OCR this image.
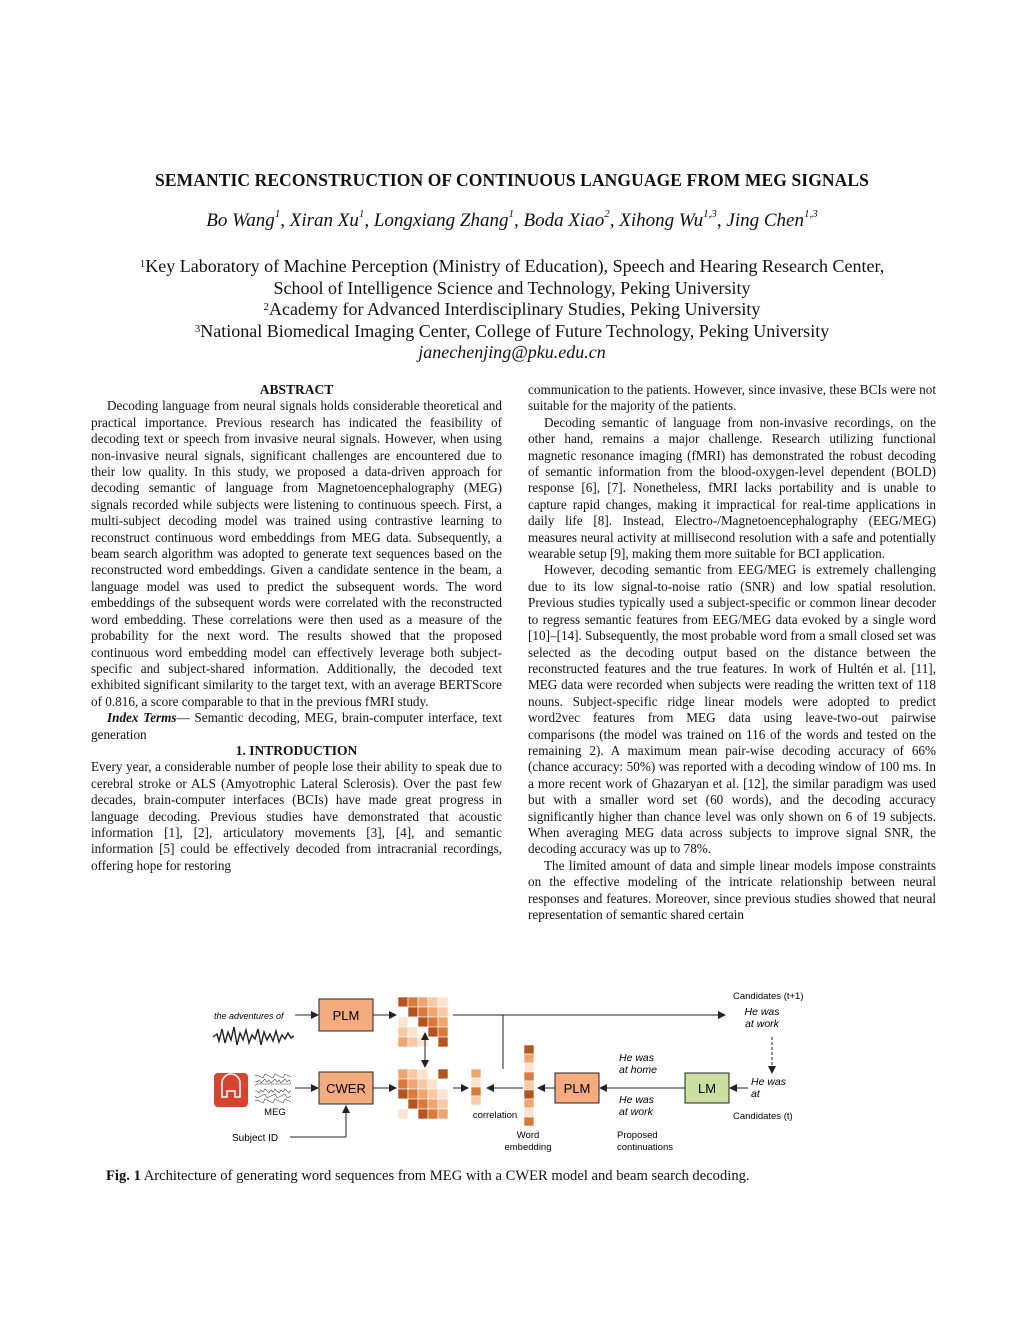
SEMANTIC RECONSTRUCTION OF CONTINUOUS LANGUAGE FROM MEG SIGNALS
Bo Wang$^1$, Xiran Xu$^1$, Longxiang Zhang$^1$, Boda Xiao$^2$, Xihong Wu$^{1,3}$, Jing Chen$^{1,3}$
$^1$Key Laboratory of Machine Perception (Ministry of Education), Speech and Hearing Research Center,
School of Intelligence Science and Technology, Peking University
$^2$Academy for Advanced Interdisciplinary Studies, Peking University
$^3$National Biomedical Imaging Center, College of Future Technology, Peking University
janechenjing@pku.edu.cn

ABSTRACT

Decoding language from neural signals holds considerable theoretical and practical importance. Previous research has indicated the feasibility of decoding text or speech from invasive neural signals. However, when using non-invasive neural signals, significant challenges are encountered due to their low quality. In this study, we proposed a data-driven approach for decoding semantic of language from Magnetoencephalography (MEG) signals recorded while subjects were listening to continuous speech. First, a multi-subject decoding model was trained using contrastive learning to reconstruct continuous word embeddings from MEG data. Subsequently, a beam search algorithm was adopted to generate text sequences based on the reconstructed word embeddings. Given a candidate sentence in the beam, a language model was used to predict the subsequent words. The word embeddings of the subsequent words were correlated with the reconstructed word embedding. These correlations were then used as a measure of the probability for the next word. The results showed that the proposed continuous word embedding model can effectively leverage both subject-specific and subject-shared information. Additionally, the decoded text exhibited significant similarity to the target text, with an average BERTScore of 0.816, a score comparable to that in the previous fMRI study.

Index Terms— Semantic decoding, MEG, brain-computer interface, text generation

1. INTRODUCTION

Every year, a considerable number of people lose their ability to speak due to cerebral stroke or ALS (Amyotrophic Lateral Sclerosis). Over the past few decades, brain-computer interfaces (BCIs) have made great progress in language decoding. Previous studies have demonstrated that acoustic information [1], [2], articulatory movements [3], [4], and semantic information [5] could be effectively decoded from intracranial recordings, offering hope for restoring

communication to the patients. However, since invasive, these BCIs were not suitable for the majority of the patients.

Decoding semantic of language from non-invasive recordings, on the other hand, remains a major challenge. Research utilizing functional magnetic resonance imaging (fMRI) has demonstrated the robust decoding of semantic information from the blood-oxygen-level dependent (BOLD) response [6], [7]. Nonetheless, fMRI lacks portability and is unable to capture rapid changes, making it impractical for real-time applications in daily life [8]. Instead, Electro-/Magnetoencephalography (EEG/MEG) measures neural activity at millisecond resolution with a safe and potentially wearable setup [9], making them more suitable for BCI application.

However, decoding semantic from EEG/MEG is extremely challenging due to its low signal-to-noise ratio (SNR) and low spatial resolution. Previous studies typically used a subject-specific or common linear decoder to regress semantic features from EEG/MEG data evoked by a single word [10]–[14]. Subsequently, the most probable word from a small closed set was selected as the decoding output based on the distance between the reconstructed features and the true features. In work of Hultén et al. [11], MEG data were recorded when subjects were reading the written text of 118 nouns. Subject-specific ridge linear models were adopted to predict word2vec features from MEG data using leave-two-out pairwise comparisons (the model was trained on 116 of the words and tested on the remaining 2). A maximum mean pair-wise decoding accuracy of 66% (chance accuracy: 50%) was reported with a decoding window of 100 ms. In a more recent work of Ghazaryan et al. [12], the similar paradigm was used but with a smaller word set (60 words), and the decoding accuracy significantly higher than chance level was only shown on 6 of 19 subjects. When averaging MEG data across subjects to improve signal SNR, the decoding accuracy was up to 78%.

The limited amount of data and simple linear models impose constraints on the effective modeling of the intricate relationship between neural responses and features. Moreover, since previous studies showed that neural representation of semantic shared certain

the adventures of	PLM
Candidates (t+1)
He was at work
MEG
CWER
correlation
Word embedding
PLM
He was at home
He was at work
Proposed continuations
LM	He was at
Candidates (t)
Subject ID
Fig. 1 Architecture of generating word sequences from MEG with a CWER model and beam search decoding.
